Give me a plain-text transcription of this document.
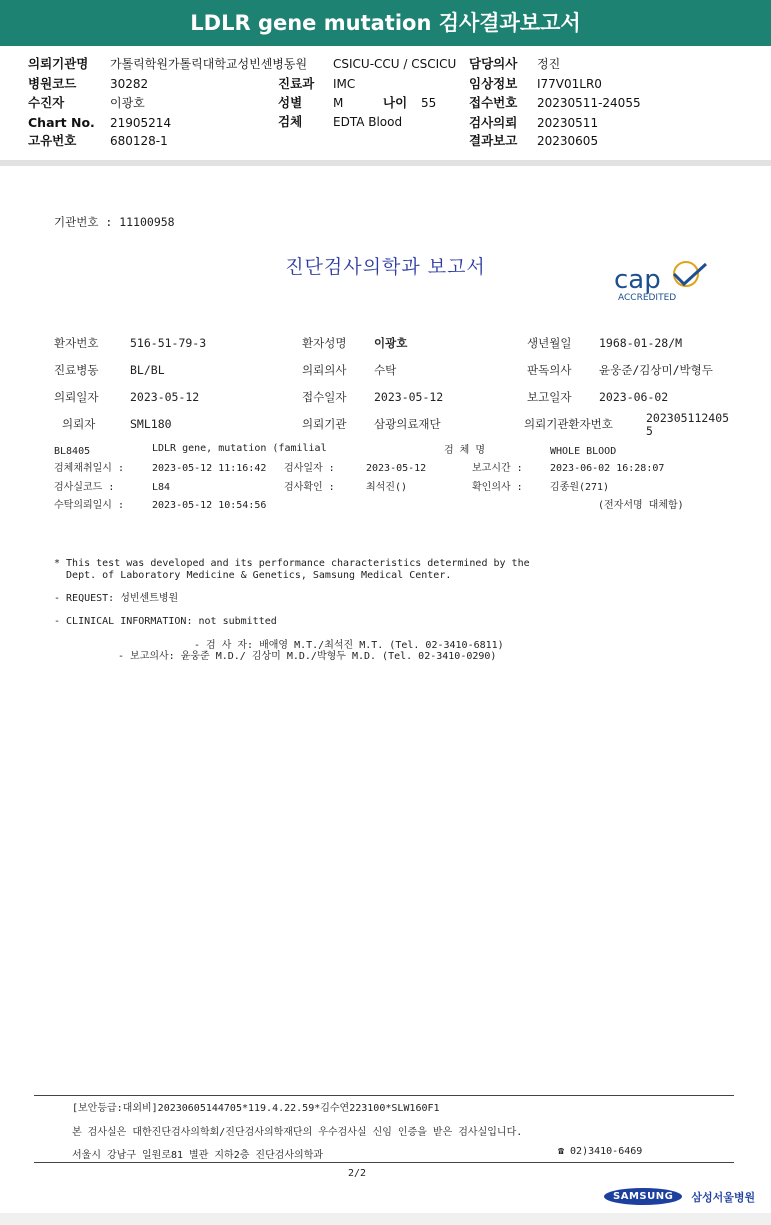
LDLR gene mutation 검사결과보고서
의뢰기관명 가톨릭학원가톨릭대학교성빈센병동원 CSICU-CCU / CSCICU 담당의사 정진
병원코드	30282	진료과 IMC	임상정보 I77V01LR0
수진자	이광호	성별	M	나이 55	접수번호 20230511-24055
Chart No. 21905214	검체	EDTA Blood	검사의뢰 20230511
고유번호	680128-1	결과보고 20230605
기관번호 : 11100958
진단검사의학과 보고서	cap
ACCREDITED
환자번호	516-51-79-3	환자성명 이광호	생년월일 1968-01-28/M
진료병동	BL/BL	의뢰의사 수탁	판독의사 윤웅준/김상미/박형두
의뢰일자	2023-05-12	접수일자 2023-05-12	보고일자 2023-06-02
의뢰자	SML180	의뢰기관 삼광의료재단	의뢰기관환자번호	202305112405
5
BL8405	LDLR gene, mutation (familial	검 체 명	WHOLE BLOOD
검체채취일시 :	2023-05-12 11:16:42 검사일자 :	2023-05-12	보고시간 :	2023-06-02 16:28:07
검사실코드 :	L84	검사확인 :	최석진()	확인의사 :	김종원(271)
수탁의뢰일시 :	2023-05-12 10:54:56	(전자서명 대체함)
* This test was developed and its performance characteristics determined by the
Dept. of Laboratory Medicine & Genetics, Samsung Medical Center.
- REQUEST: 성빈센트병원
- CLINICAL INFORMATION: not submitted
- 검 사 자: 배애영 M.T./최석진 M.T. (Tel. 02-3410-6811)
- 보고의사: 윤웅준 M.D./ 김상미 M.D./박형두 M.D. (Tel. 02-3410-0290)
[보안등급:대외비]20230605144705*119.4.22.59*김수연223100*SLW160F1
본 검사실은 대한진단검사의학회/진단검사의학재단의 우수검사실 신임 인증을 받은 검사실입니다.
서울시 강남구 일원로81 별관 지하2층 진단검사의학과	☎ 02)3410-6469
2/2
SAMSUNG 삼성서울병원
